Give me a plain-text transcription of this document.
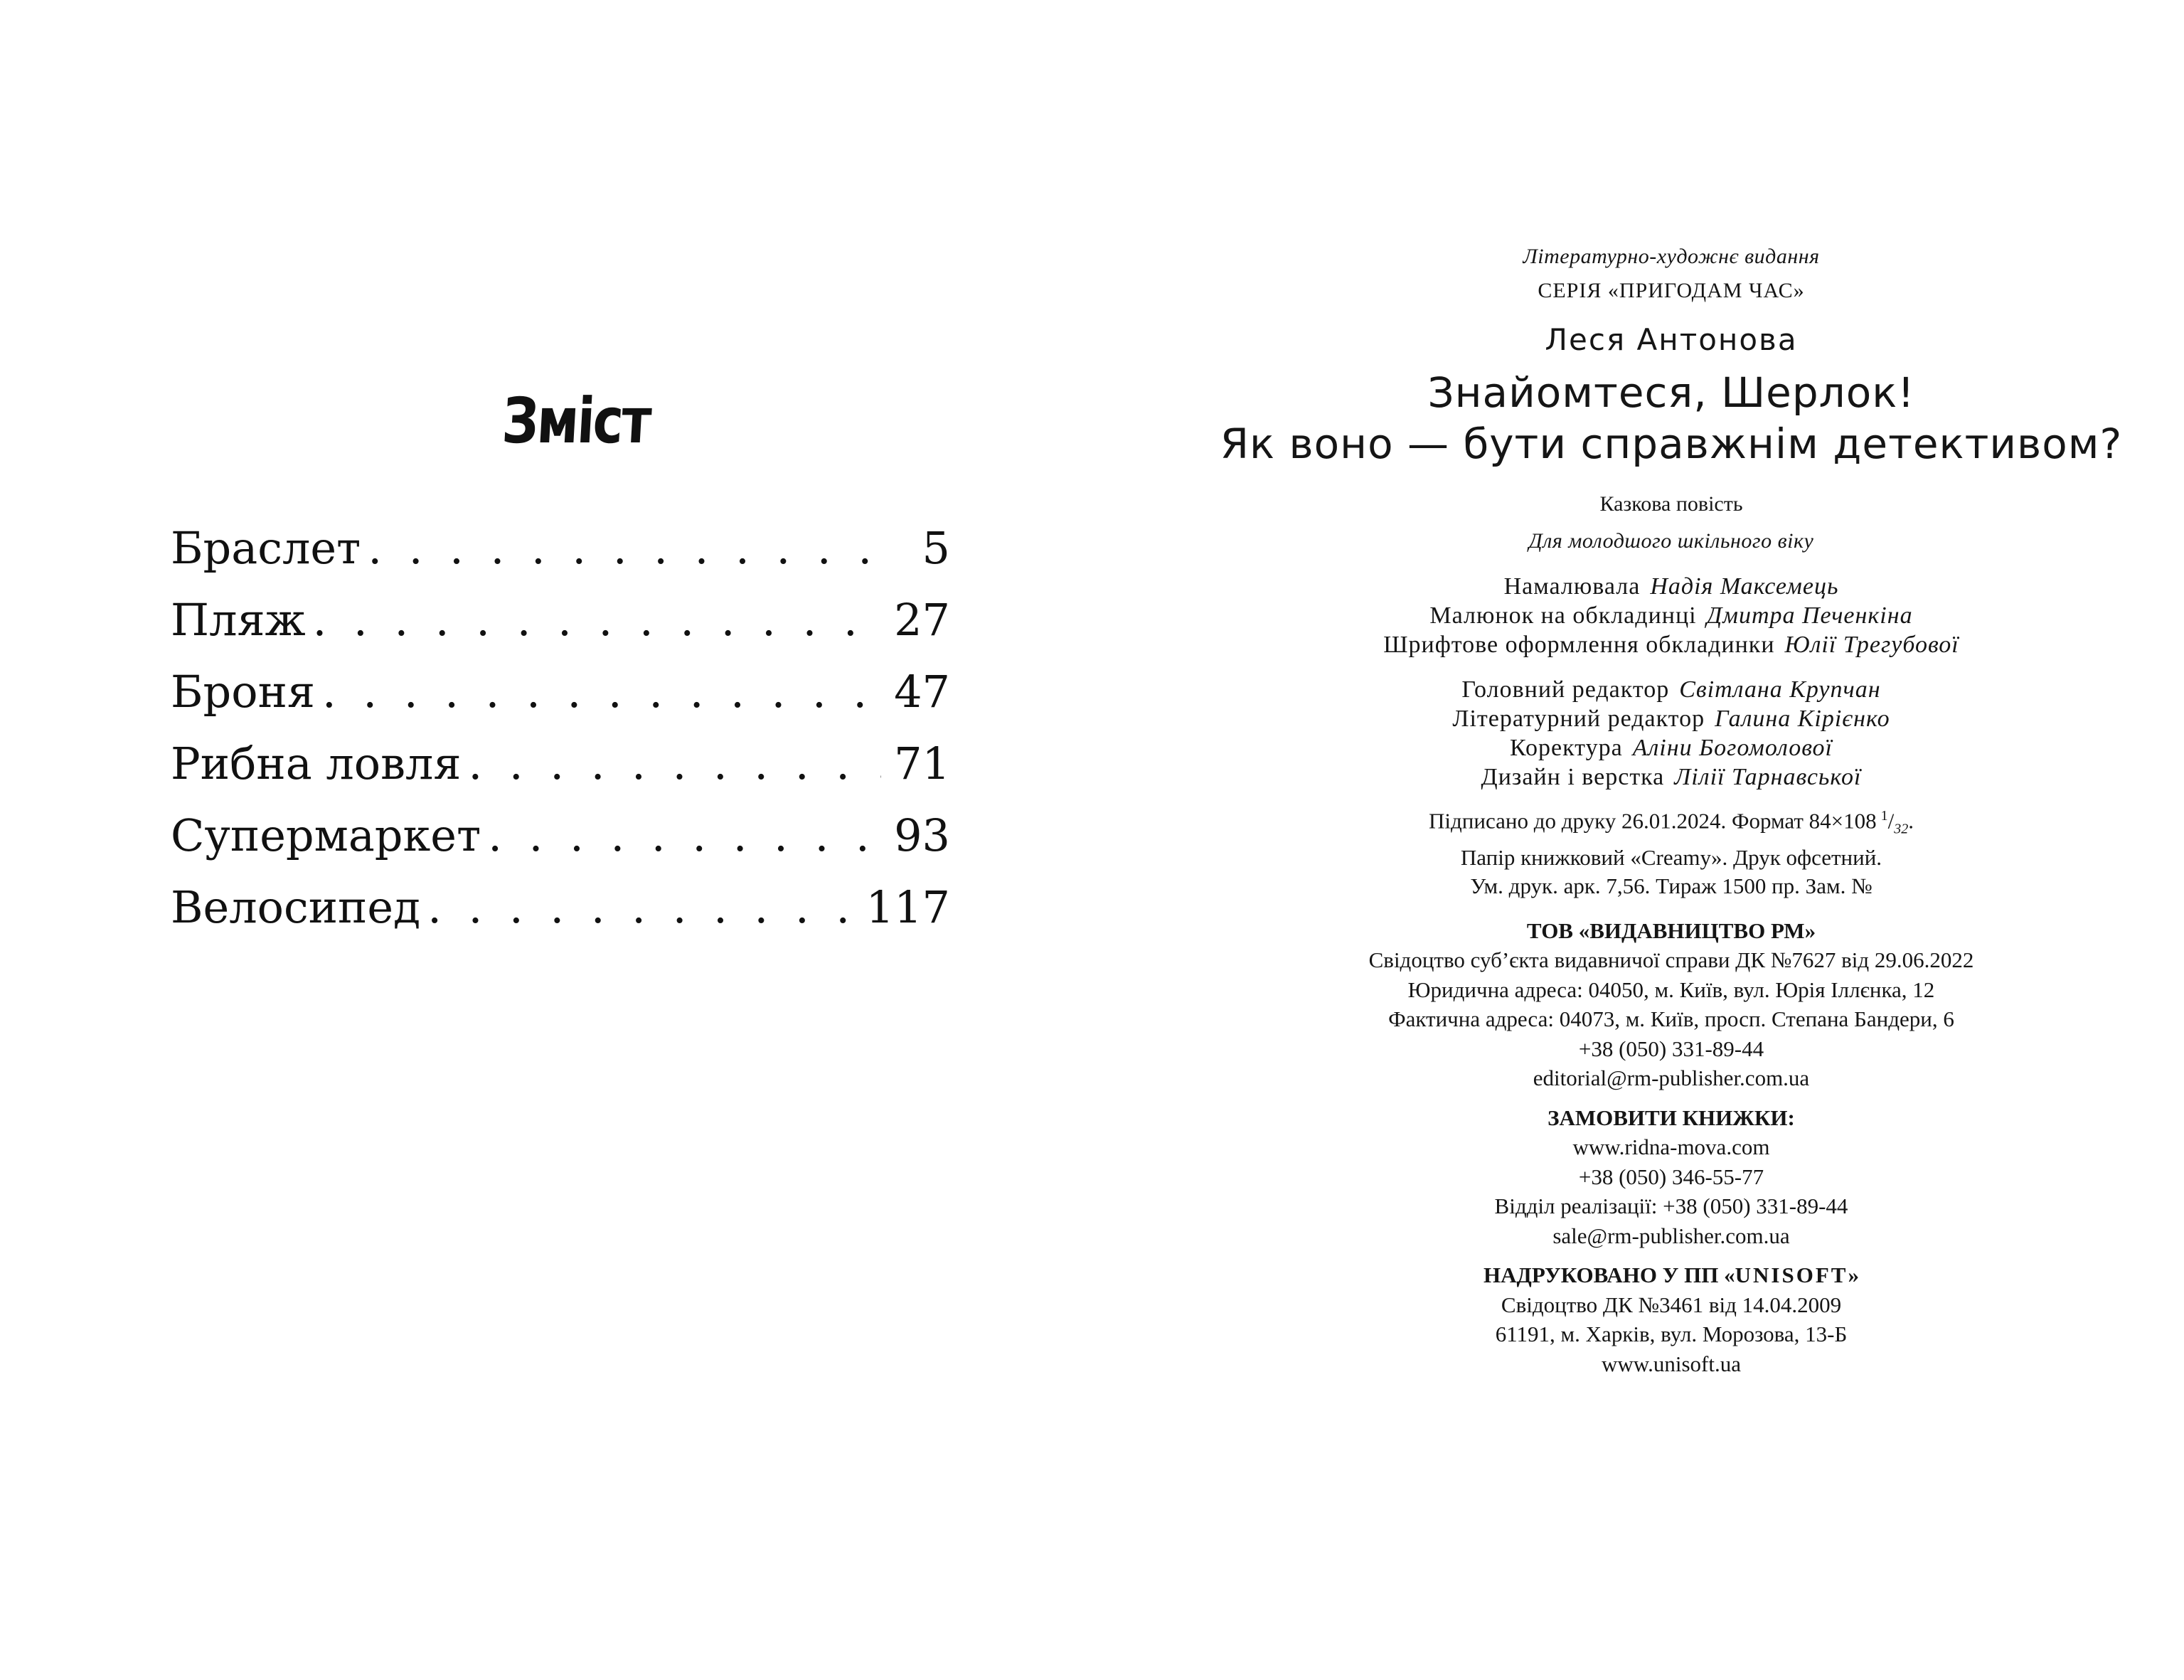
Зміст
Браслет . . .	5
Пляж . . .	27
Броня . . .	47
Рибна ловля . . .	71
Супермаркет . . .	93
Велосипед . . .	117

Літературно-художнє видання

СЕРІЯ «ПРИГОДАМ ЧАС»

Леся Антонова

Знайомтеся, Шерлок!

Як воно — бути справжнім детективом?

Казкова повість

Для молодшого шкільного віку

Намалювала Надія Максемець

Малюнок на обкладинці Дмитра Печенкіна

Шрифтове оформлення обкладинки Юлії Трегубової

Головний редактор Світлана Крупчан

Літературний редактор Галина Кірієнко

Коректура Аліни Богомолової

Дизайн і верстка Лілії Тарнавської

Підписано до друку 26.01.2024. Формат 84×108 $^1/_{32}$.

Папір книжковий «Creamy». Друк офсетний.

Ум. друк. арк. 7,56. Тираж 1500 пр. Зам. №

ТОВ «ВИДАВНИЦТВО РМ»

Свідоцтво суб’єкта видавничої справи ДК №7627 від 29.06.2022

Юридична адреса: 04050, м. Київ, вул. Юрія Іллєнка, 12

Фактична адреса: 04073, м. Київ, просп. Степана Бандери, 6

+38 (050) 331-89-44

editorial@rm-publisher.com.ua

ЗАМОВИТИ КНИЖКИ:

www.ridna-mova.com

+38 (050) 346-55-77

Відділ реалізації: +38 (050) 331-89-44

sale@rm-publisher.com.ua

НАДРУКОВАНО У ПП «UNISOFT»

Свідоцтво ДК №3461 від 14.04.2009

61191, м. Харків, вул. Морозова, 13-Б

www.unisoft.ua
